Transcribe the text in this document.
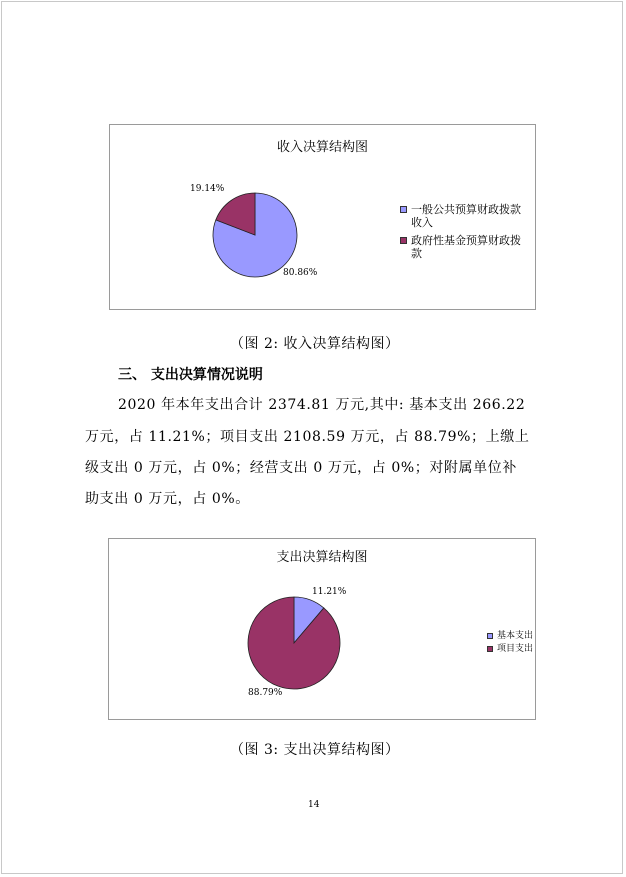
收入决算结构图
19.14%
80.86%
一般公共预算财政拨款
收入
政府性基金预算财政拨
款
（图 2: 收入决算结构图）
三、 支出决算情况说明
2020 年本年支出合计 2374.81 万元,其中: 基本支出 266.22
万元，占 11.21%；项目支出 2108.59 万元，占 88.79%；上缴上
级支出 0 万元，占 0%；经营支出 0 万元，占 0%；对附属单位补
助支出 0 万元，占 0%。
支出决算结构图
11.21%
88.79%
基本支出
项目支出
（图 3: 支出决算结构图）
14
